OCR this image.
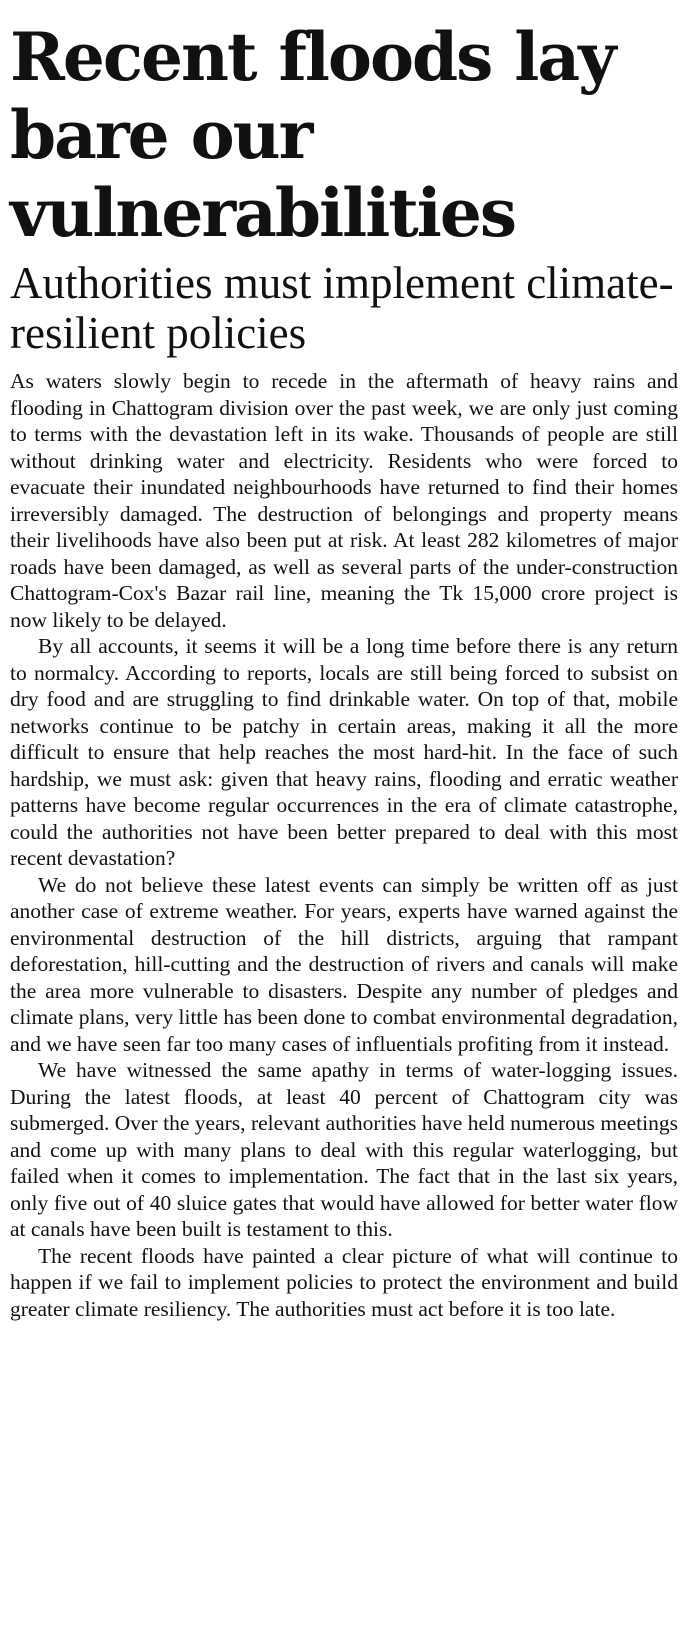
Recent floods lay bare our vulnerabilities
Authorities must implement climate-resilient policies

As waters slowly begin to recede in the aftermath of heavy rains and flooding in Chattogram division over the past week, we are only just coming to terms with the devastation left in its wake. Thousands of people are still without drinking water and electricity. Residents who were forced to evacuate their inundated neighbourhoods have returned to find their homes irreversibly damaged. The destruction of belongings and property means their livelihoods have also been put at risk. At least 282 kilometres of major roads have been damaged, as well as several parts of the under-construction Chattogram-Cox's Bazar rail line, meaning the Tk 15,000 crore project is now likely to be delayed.

By all accounts, it seems it will be a long time before there is any return to normalcy. According to reports, locals are still being forced to subsist on dry food and are struggling to find drinkable water. On top of that, mobile networks continue to be patchy in certain areas, making it all the more difficult to ensure that help reaches the most hard-hit. In the face of such hardship, we must ask: given that heavy rains, flooding and erratic weather patterns have become regular occurrences in the era of climate catastrophe, could the authorities not have been better prepared to deal with this most recent devastation?

We do not believe these latest events can simply be written off as just another case of extreme weather. For years, experts have warned against the environmental destruction of the hill districts, arguing that rampant deforestation, hill-cutting and the destruction of rivers and canals will make the area more vulnerable to disasters. Despite any number of pledges and climate plans, very little has been done to combat environmental degradation, and we have seen far too many cases of influentials profiting from it instead.

We have witnessed the same apathy in terms of water-logging issues. During the latest floods, at least 40 percent of Chattogram city was submerged. Over the years, relevant authorities have held numerous meetings and come up with many plans to deal with this regular waterlogging, but failed when it comes to implementation. The fact that in the last six years, only five out of 40 sluice gates that would have allowed for better water flow at canals have been built is testament to this.

The recent floods have painted a clear picture of what will continue to happen if we fail to implement policies to protect the environment and build greater climate resiliency. The authorities must act before it is too late.
